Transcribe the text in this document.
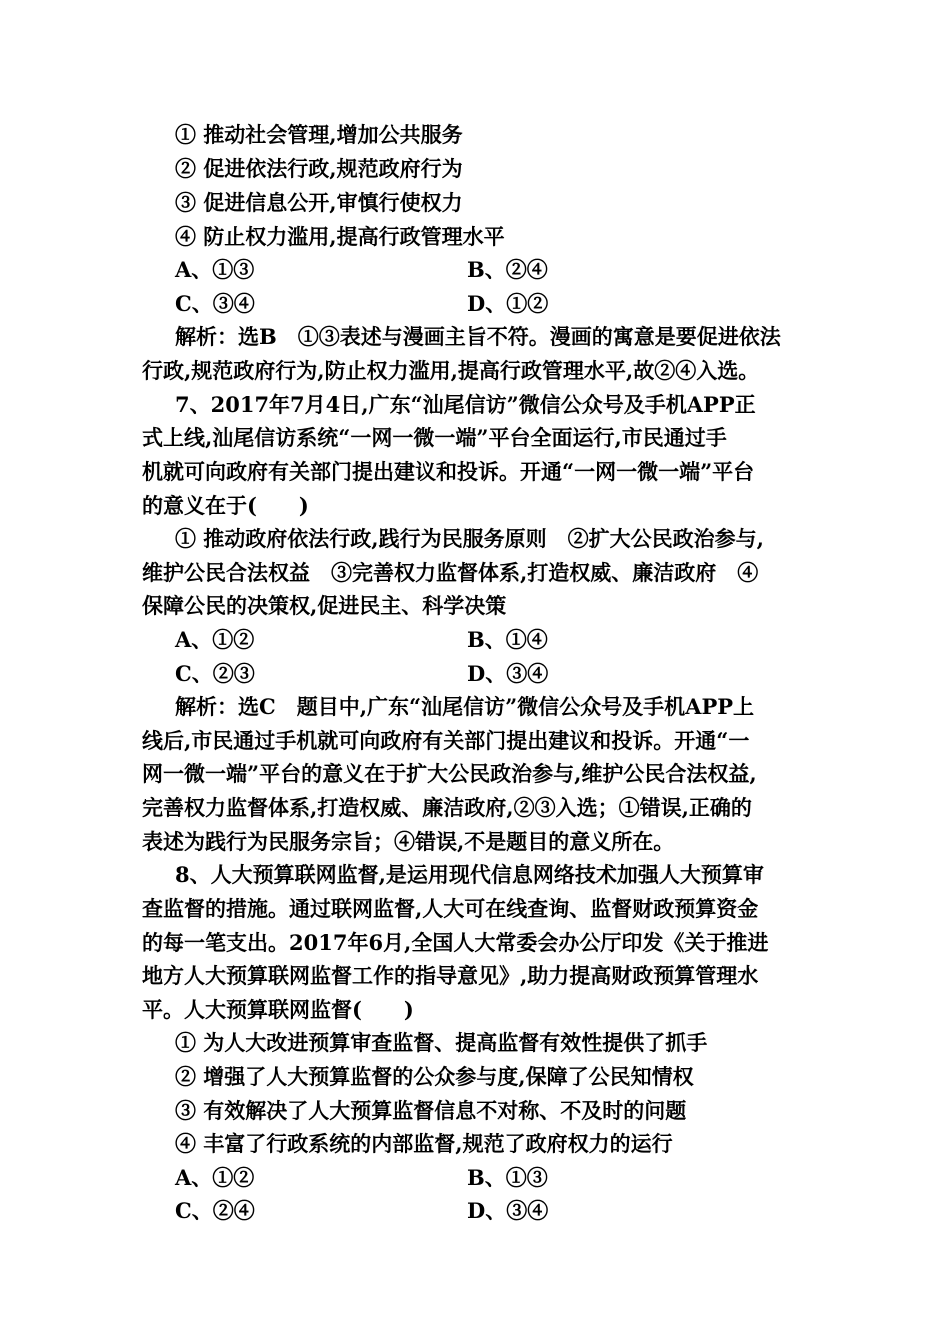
① 推动社会管理,增加公共服务
② 促进依法行政,规范政府行为
③ 促进信息公开,审慎行使权力
④ 防止权力滥用,提高行政管理水平
A、①③	B、②④
C、③④	D、①②
解析：选B　①③表述与漫画主旨不符。漫画的寓意是要促进依法
行政,规范政府行为,防止权力滥用,提高行政管理水平,故②④入选。
7、2017年7月4日,广东“汕尾信访”微信公众号及手机APP正
式上线,汕尾信访系统“一网一微一端”平台全面运行,市民通过手
机就可向政府有关部门提出建议和投诉。开通“一网一微一端”平台
的意义在于(　　)
① 推动政府依法行政,践行为民服务原则　②扩大公民政治参与,
维护公民合法权益　③完善权力监督体系,打造权威、廉洁政府　④
保障公民的决策权,促进民主、科学决策
A、①②	B、①④
C、②③	D、③④
解析：选C　题目中,广东“汕尾信访”微信公众号及手机APP上
线后,市民通过手机就可向政府有关部门提出建议和投诉。开通“一
网一微一端”平台的意义在于扩大公民政治参与,维护公民合法权益,
完善权力监督体系,打造权威、廉洁政府,②③入选；①错误,正确的
表述为践行为民服务宗旨；④错误,不是题目的意义所在。
8、人大预算联网监督,是运用现代信息网络技术加强人大预算审
查监督的措施。通过联网监督,人大可在线查询、监督财政预算资金
的每一笔支出。2017年6月,全国人大常委会办公厅印发《关于推进
地方人大预算联网监督工作的指导意见》,助力提高财政预算管理水
平。人大预算联网监督(　　)
① 为人大改进预算审查监督、提高监督有效性提供了抓手
② 增强了人大预算监督的公众参与度,保障了公民知情权
③ 有效解决了人大预算监督信息不对称、不及时的问题
④ 丰富了行政系统的内部监督,规范了政府权力的运行
A、①②	B、①③
C、②④	D、③④
